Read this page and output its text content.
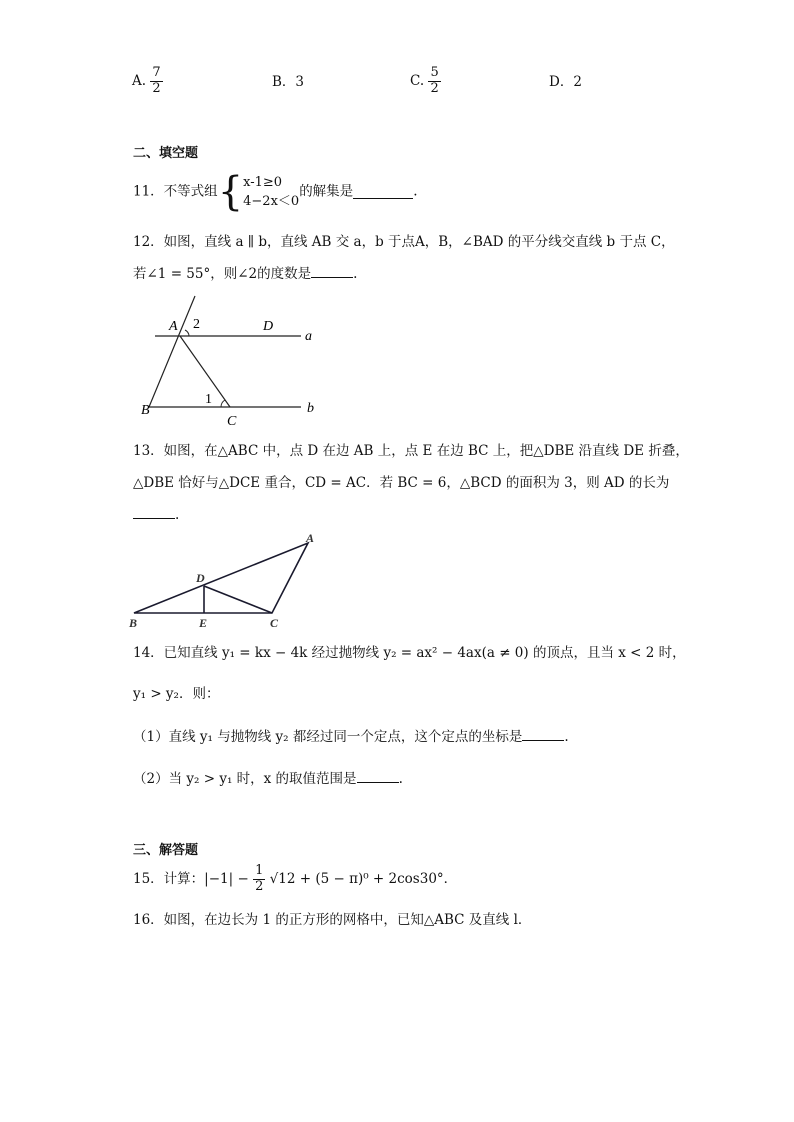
A. $\frac{7}{2}$	B．3	C. $\frac{5}{2}$	D．2
二、填空题
11．不等式组{ x-1≥0
4−2x＜0
的解集是	.
12．如图，直线 a ∥ b，直线 AB 交 a，b 于点A，B，∠BAD 的平分线交直线 b 于点 C，
若∠1 = 55°，则∠2的度数是	.
A 2	D
a
B
1
C
b
13．如图，在△ABC 中，点 D 在边 AB 上，点 E 在边 BC 上，把△DBE 沿直线 DE 折叠，
△DBE 恰好与△DCE 重合，CD = AC．若 BC = 6，△BCD 的面积为 3，则 AD 的长为
.
A
D
B	E	C
14．已知直线 y₁ = kx − 4k 经过抛物线 y₂ = ax² − 4ax(a ≠ 0) 的顶点，且当 x < 2 时，
y₁ > y₂．则：
（1）直线 y₁ 与抛物线 y₂ 都经过同一个定点，这个定点的坐标是	.
（2）当 y₂ > y₁ 时，x 的取值范围是	.
三、解答题
15．计算：$|-1| - \frac{1}{2} √12 + (5 - \pi)^0 + 2\cos 30^\circ$．
16．如图，在边长为 1 的正方形的网格中，已知△ABC 及直线 l．
